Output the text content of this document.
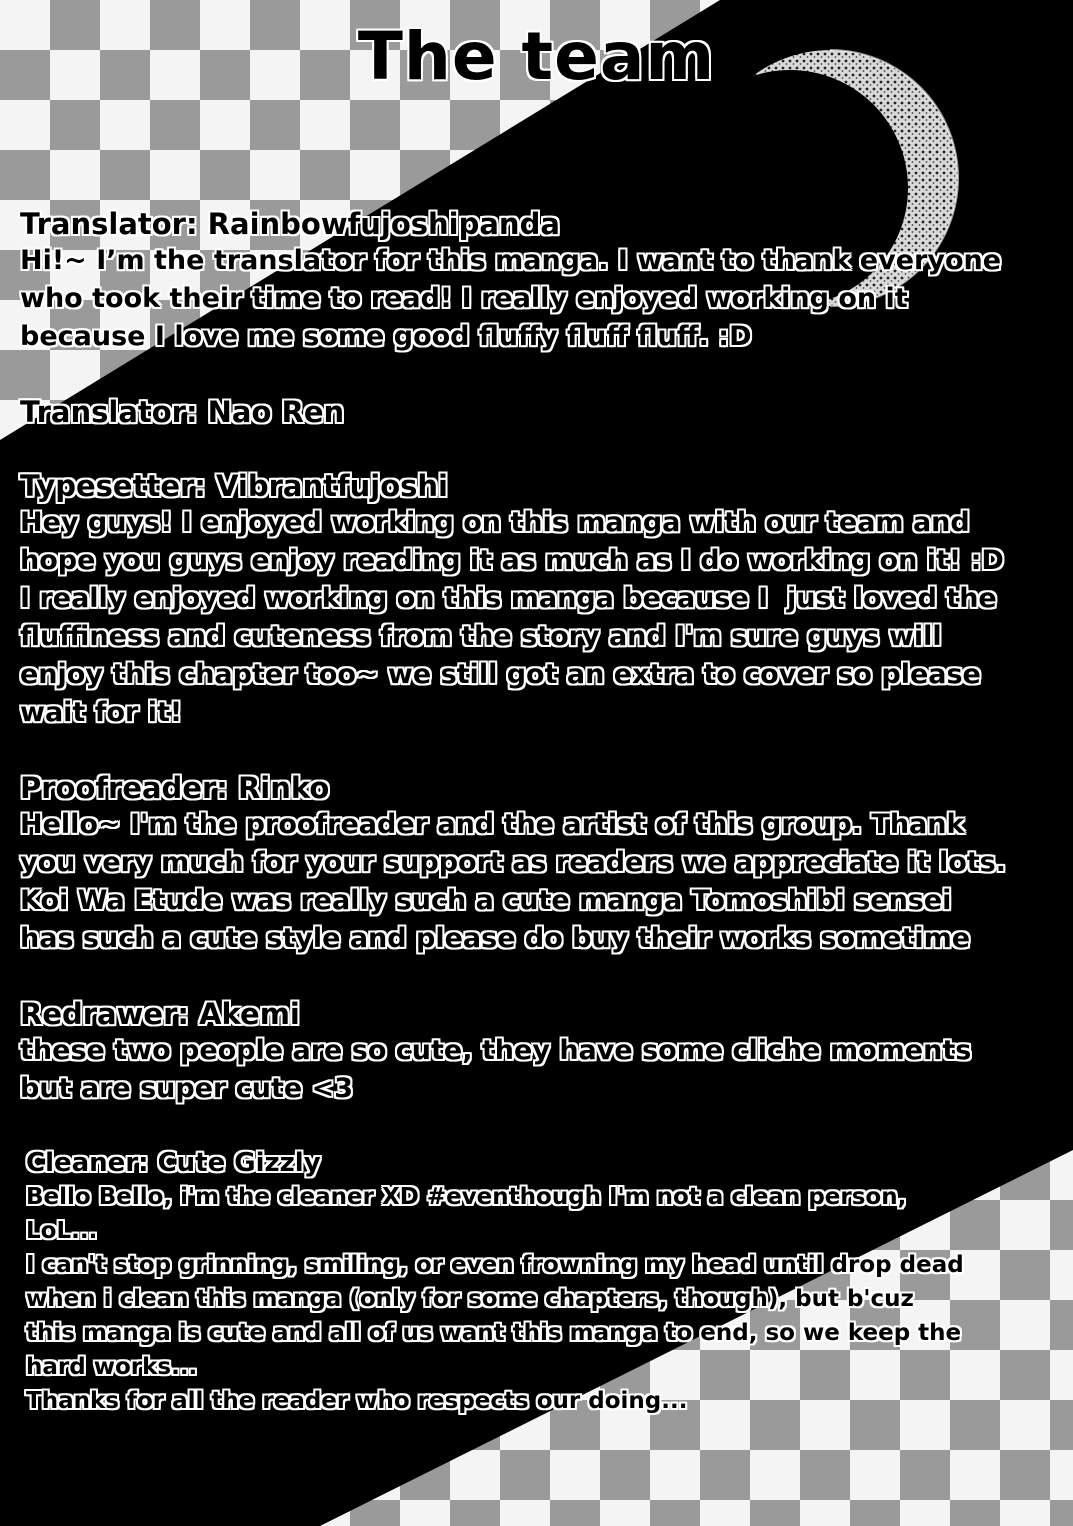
The team

Translator: Rainbowfujoshipanda

Hi!~ I’m the translator for this manga. I want to thank everyone
who took their time to read! I really enjoyed working on it
because I love me some good fluffy fluff fluff. :D

Translator: Nao Ren

Typesetter: Vibrantfujoshi

Hey guys! I enjoyed working on this manga with our team and
hope you guys enjoy reading it as much as I do working on it! :D
I really enjoyed working on this manga because I  just loved the
fluffiness and cuteness from the story and I'm sure guys will
enjoy this chapter too~ we still got an extra to cover so please
wait for it!

Proofreader: Rinko

Hello~ I'm the proofreader and the artist of this group. Thank
you very much for your support as readers we appreciate it lots.
Koi Wa Etude was really such a cute manga Tomoshibi sensei
has such a cute style and please do buy their works sometime

Redrawer: Akemi

these two people are so cute, they have some cliche moments
but are super cute <3

Cleaner: Cute Gizzly

Bello Bello, i'm the cleaner XD #eventhough I'm not a clean person,
LoL...
I can't stop grinning, smiling, or even frowning my head until drop dead
when i clean this manga (only for some chapters, though), but b'cuz
this manga is cute and all of us want this manga to end, so we keep the
hard works...
Thanks for all the reader who respects our doing...
